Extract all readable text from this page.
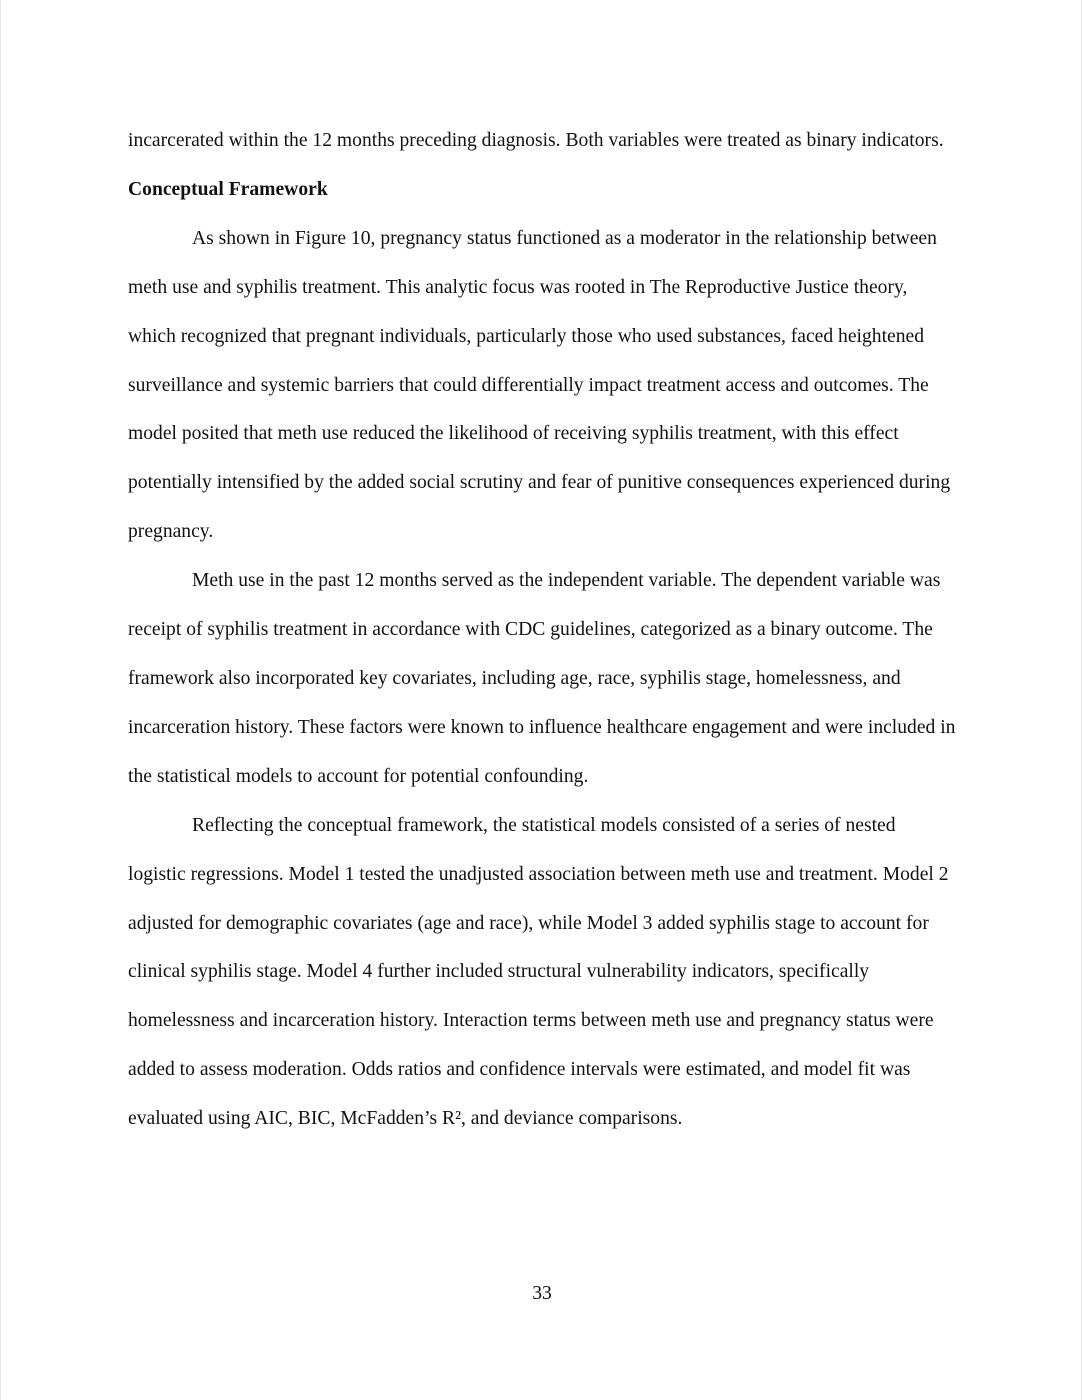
incarcerated within the 12 months preceding diagnosis. Both variables were treated as binary indicators.

Conceptual Framework

As shown in Figure 10, pregnancy status functioned as a moderator in the relationship between meth use and syphilis treatment. This analytic focus was rooted in The Reproductive Justice theory, which recognized that pregnant individuals, particularly those who used substances, faced heightened surveillance and systemic barriers that could differentially impact treatment access and outcomes. The model posited that meth use reduced the likelihood of receiving syphilis treatment, with this effect potentially intensified by the added social scrutiny and fear of punitive consequences experienced during pregnancy.

Meth use in the past 12 months served as the independent variable. The dependent variable was receipt of syphilis treatment in accordance with CDC guidelines, categorized as a binary outcome. The framework also incorporated key covariates, including age, race, syphilis stage, homelessness, and incarceration history. These factors were known to influence healthcare engagement and were included in the statistical models to account for potential confounding.

Reflecting the conceptual framework, the statistical models consisted of a series of nested logistic regressions. Model 1 tested the unadjusted association between meth use and treatment. Model 2 adjusted for demographic covariates (age and race), while Model 3 added syphilis stage to account for clinical syphilis stage. Model 4 further included structural vulnerability indicators, specifically homelessness and incarceration history. Interaction terms between meth use and pregnancy status were added to assess moderation. Odds ratios and confidence intervals were estimated, and model fit was evaluated using AIC, BIC, McFadden’s R², and deviance comparisons.

33
